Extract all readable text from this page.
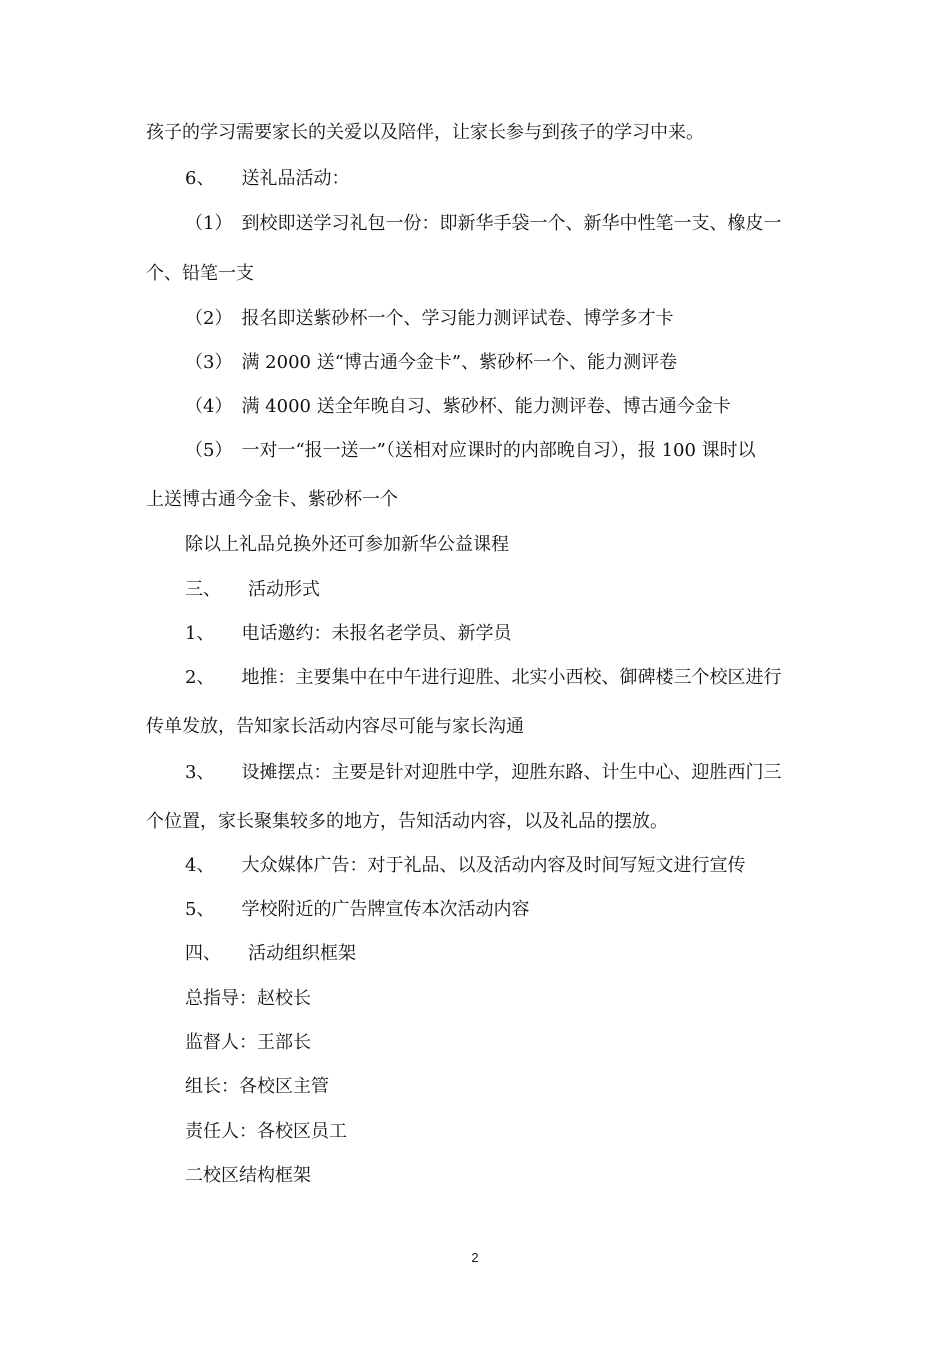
孩子的学习需要家长的关爱以及陪伴，让家长参与到孩子的学习中来。
6、　　送礼品活动：
（1）　到校即送学习礼包一份：即新华手袋一个、新华中性笔一支、橡皮一
个、铅笔一支
（2）　报名即送紫砂杯一个、学习能力测评试卷、博学多才卡
（3）　满 2000 送“博古通今金卡”、紫砂杯一个、能力测评卷
（4）　满 4000 送全年晚自习、紫砂杯、能力测评卷、博古通今金卡
（5）　一对一“报一送一”（送相对应课时的内部晚自习），报 100 课时以
上送博古通今金卡、紫砂杯一个
除以上礼品兑换外还可参加新华公益课程
三、　　活动形式
1、　　电话邀约：未报名老学员、新学员
2、　　地推：主要集中在中午进行迎胜、北实小西校、御碑楼三个校区进行
传单发放，告知家长活动内容尽可能与家长沟通
3、　　设摊摆点：主要是针对迎胜中学，迎胜东路、计生中心、迎胜西门三
个位置，家长聚集较多的地方，告知活动内容，以及礼品的摆放。
4、　　大众媒体广告：对于礼品、以及活动内容及时间写短文进行宣传
5、　　学校附近的广告牌宣传本次活动内容
四、　　活动组织框架
总指导：赵校长
监督人：王部长
组长：各校区主管
责任人：各校区员工
二校区结构框架
2
